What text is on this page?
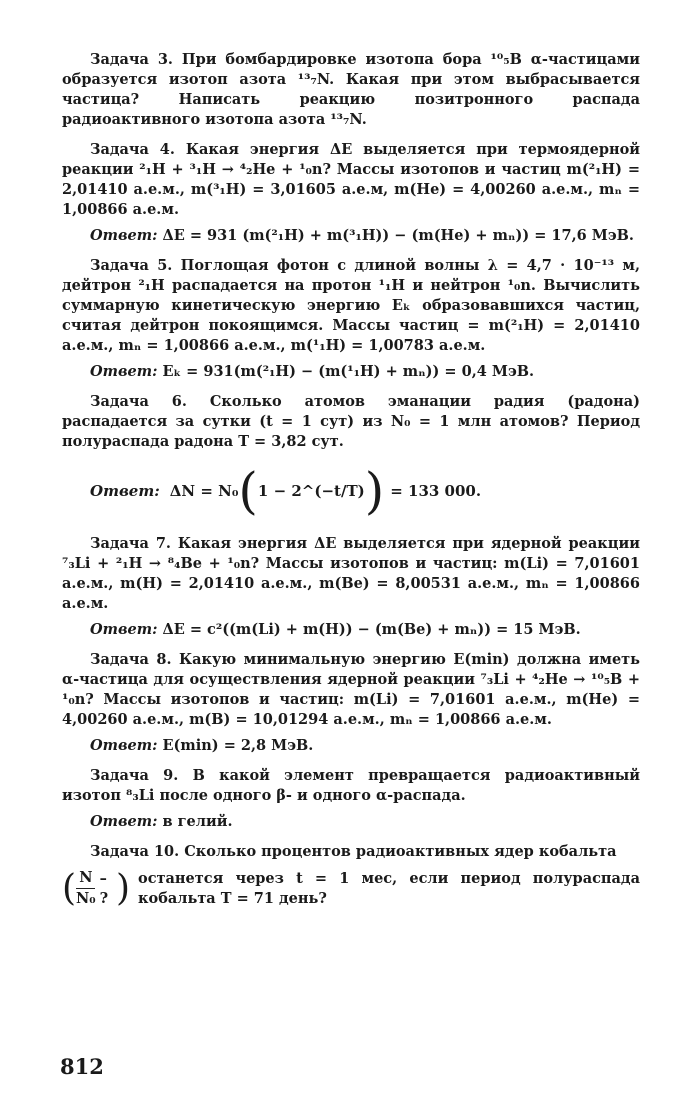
Задача 3. При бомбардировке изотопа бора ¹⁰₅B α-частицами образуется изотоп азота ¹³₇N. Какая при этом выбрасывается частица? Написать реакцию позитронного распада радиоактивного изотопа азота ¹³₇N.

Задача 4. Какая энергия ΔE выделяется при термоядерной реакции ²₁H + ³₁H → ⁴₂He + ¹₀n? Массы изотопов и частиц m(²₁H) = 2,01410 а.е.м., m(³₁H) = 3,01605 а.е.м, m(He) = 4,00260 а.е.м., mₙ = 1,00866 а.е.м.

Ответ: ΔE = 931 (m(²₁H) + m(³₁H)) − (m(He) + mₙ)) = 17,6 МэВ.

Задача 5. Поглощая фотон с длиной волны λ = 4,7 · 10⁻¹³ м, дейтрон ²₁H распадается на протон ¹₁H и нейтрон ¹₀n. Вычислить суммарную кинетическую энергию Eₖ образовавшихся частиц, считая дейтрон покоящимся. Массы частиц = m(²₁H) = 2,01410 а.е.м., mₙ = 1,00866 а.е.м., m(¹₁H) = 1,00783 а.е.м.

Ответ: Eₖ = 931(m(²₁H) − (m(¹₁H) + mₙ)) = 0,4 МэВ.

Задача 6. Сколько атомов эманации радия (радона) распадается за сутки (t = 1 сут) из N₀ = 1 млн атомов? Период полураспада радона T = 3,82 сут.

Ответ: ΔN = N₀ ( 1 − 2^(−t/T) ) = 133 000.

Задача 7. Какая энергия ΔE выделяется при ядерной реакции ⁷₃Li + ²₁H → ⁸₄Be + ¹₀n? Массы изотопов и частиц: m(Li) = 7,01601 а.е.м., m(H) = 2,01410 а.е.м., m(Be) = 8,00531 а.е.м., mₙ = 1,00866 а.е.м.

Ответ: ΔE = c²((m(Li) + m(H)) − (m(Be) + mₙ)) = 15 МэВ.

Задача 8. Какую минимальную энергию E(min) должна иметь α-частица для осуществления ядерной реакции ⁷₃Li + ⁴₂He → ¹⁰₅B + ¹₀n? Массы изотопов и частиц: m(Li) = 7,01601 а.е.м., m(He) = 4,00260 а.е.м., m(B) = 10,01294 а.е.м., mₙ = 1,00866 а.е.м.

Ответ: E(min) = 2,8 МэВ.

Задача 9. В какой элемент превращается радиоактивный изотоп ⁸₃Li после одного β- и одного α-распада.

Ответ: в гелий.

Задача 10. Сколько процентов радиоактивных ядер кобальта

( $\frac{N}{\text{N₀}}$ – ? ) останется через t = 1 мес, если период полураспада кобальта T = 71 день?

812
